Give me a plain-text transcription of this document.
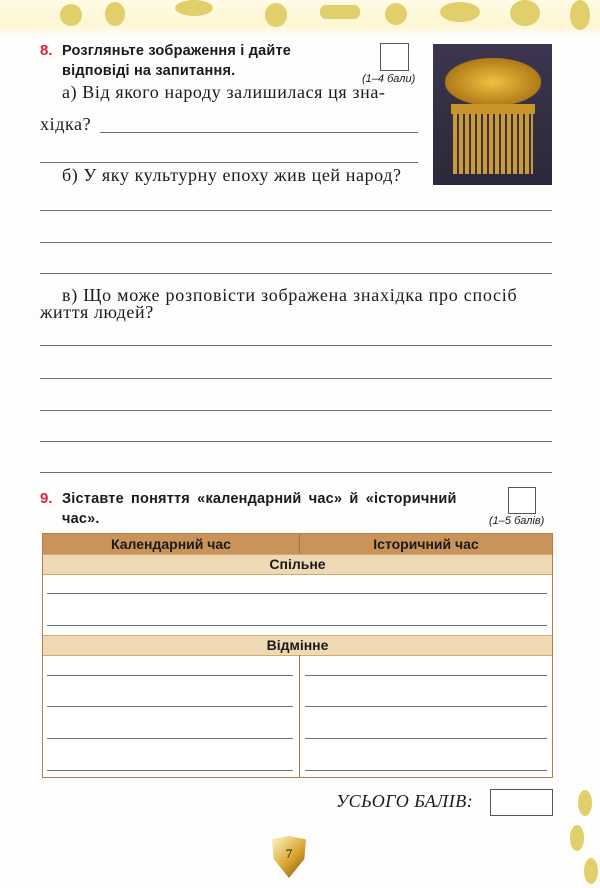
8. Розгляньте зображення і дайте
відповіді на запитання.	(1–4 бали)
а) Від якого народу залишилася ця зна-
хідка?
б) У яку культурну епоху жив цей народ?
в) Що може розповісти зображена знахідка про спосіб
життя людей?
9. Зіставте поняття «календарний час» й «історичний
час».	(1–5 балів)
Календарний час	Історичний час
Спільне
Відмінне
УСЬОГО БАЛІВ:
7
